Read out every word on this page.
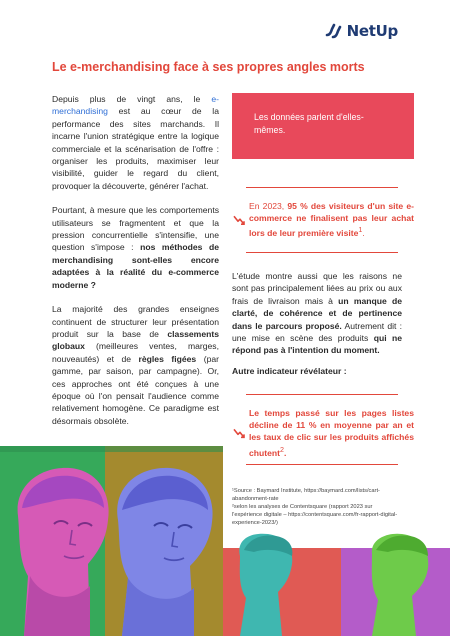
NetUp
Le e-merchandising face à ses propres angles morts

Depuis plus de vingt ans, le e-merchandising est au cœur de la performance des sites marchands. Il incarne l'union stratégique entre la logique commerciale et la scénarisation de l'offre : organiser les produits, maximiser leur visibilité, guider le regard du client, provoquer la découverte, générer l'achat.

Pourtant, à mesure que les comportements utilisateurs se fragmentent et que la pression concurrentielle s'intensifie, une question s'impose : nos méthodes de merchandising sont-elles encore adaptées à la réalité du e-commerce moderne ?

La majorité des grandes enseignes continuent de structurer leur présentation produit sur la base de classements globaux (meilleures ventes, marges, nouveautés) et de règles figées (par gamme, par saison, par campagne). Or, ces approches ont été conçues à une époque où l'on pensait l'audience comme relativement homogène. Ce paradigme est désormais obsolète.

Les données parlent d'elles-mêmes.
En 2023, 95 % des visiteurs d'un site e-commerce ne finalisent pas leur achat lors de leur première visite$^1$.
L'étude montre aussi que les raisons ne sont pas principalement liées au prix ou aux frais de livraison mais à un manque de clarté, de cohérence et de pertinence dans le parcours proposé. Autrement dit : une mise en scène des produits qui ne répond pas à l'intention du moment.
Autre indicateur révélateur :
Le temps passé sur les pages listes décline de 11 % en moyenne par an et les taux de clic sur les produits affichés chutent$^2$.
¹Source : Baymard Institute, https://baymard.com/lists/cart-abandonment-rate
²selon les analyses de Contentsquare (rapport 2023 sur l'expérience digitale – https://contentsquare.com/fr-rapport-digital-experience-2023/)
